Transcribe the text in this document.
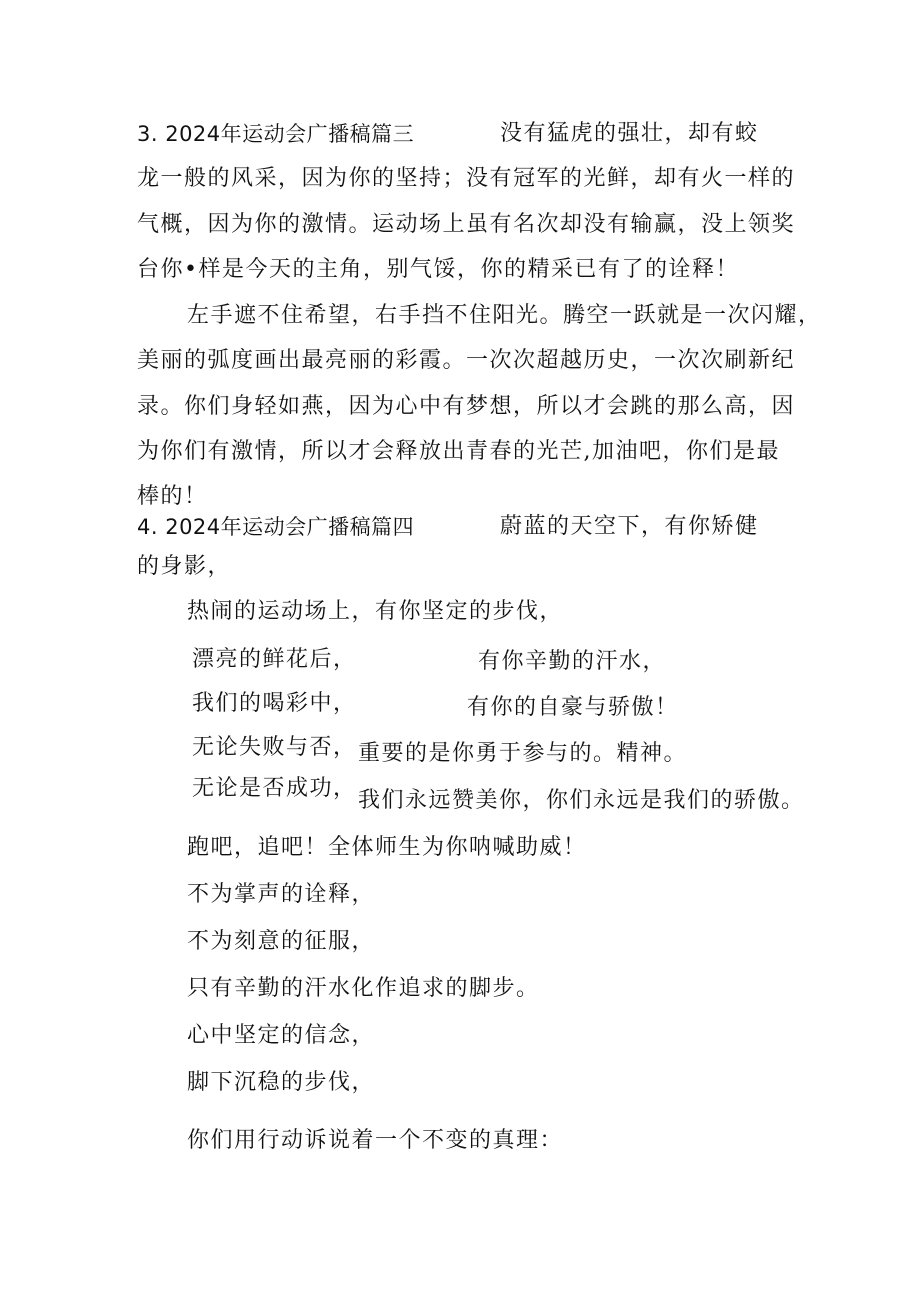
3. 2024年运动会广播稿篇三	没有猛虎的强壮，却有蛟
龙一般的风采，因为你的坚持；没有冠军的光鲜，却有火一样的
气概，因为你的激情。运动场上虽有名次却没有输赢，没上领奖
台你•样是今天的主角，别气馁，你的精采已有了的诠释！
左手遮不住希望，右手挡不住阳光。腾空一跃就是一次闪耀，
美丽的弧度画出最亮丽的彩霞。一次次超越历史，一次次刷新纪
录。你们身轻如燕，因为心中有梦想，所以才会跳的那么高，因
为你们有激情，所以才会释放出青春的光芒,加油吧，你们是最
棒的！
4. 2024年运动会广播稿篇四	蔚蓝的天空下，有你矫健
的身影，
热闹的运动场上，有你坚定的步伐，
漂亮的鲜花后，	有你辛勤的汗水，
我们的喝彩中，	有你的自豪与骄傲！
无论失败与否， 重要的是你勇于参与的。精神。
无论是否成功， 我们永远赞美你，你们永远是我们的骄傲。
跑吧，追吧！全体师生为你呐喊助威！
不为掌声的诠释，
不为刻意的征服，
只有辛勤的汗水化作追求的脚步。
心中坚定的信念，
脚下沉稳的步伐，
你们用行动诉说着一个不变的真理：
